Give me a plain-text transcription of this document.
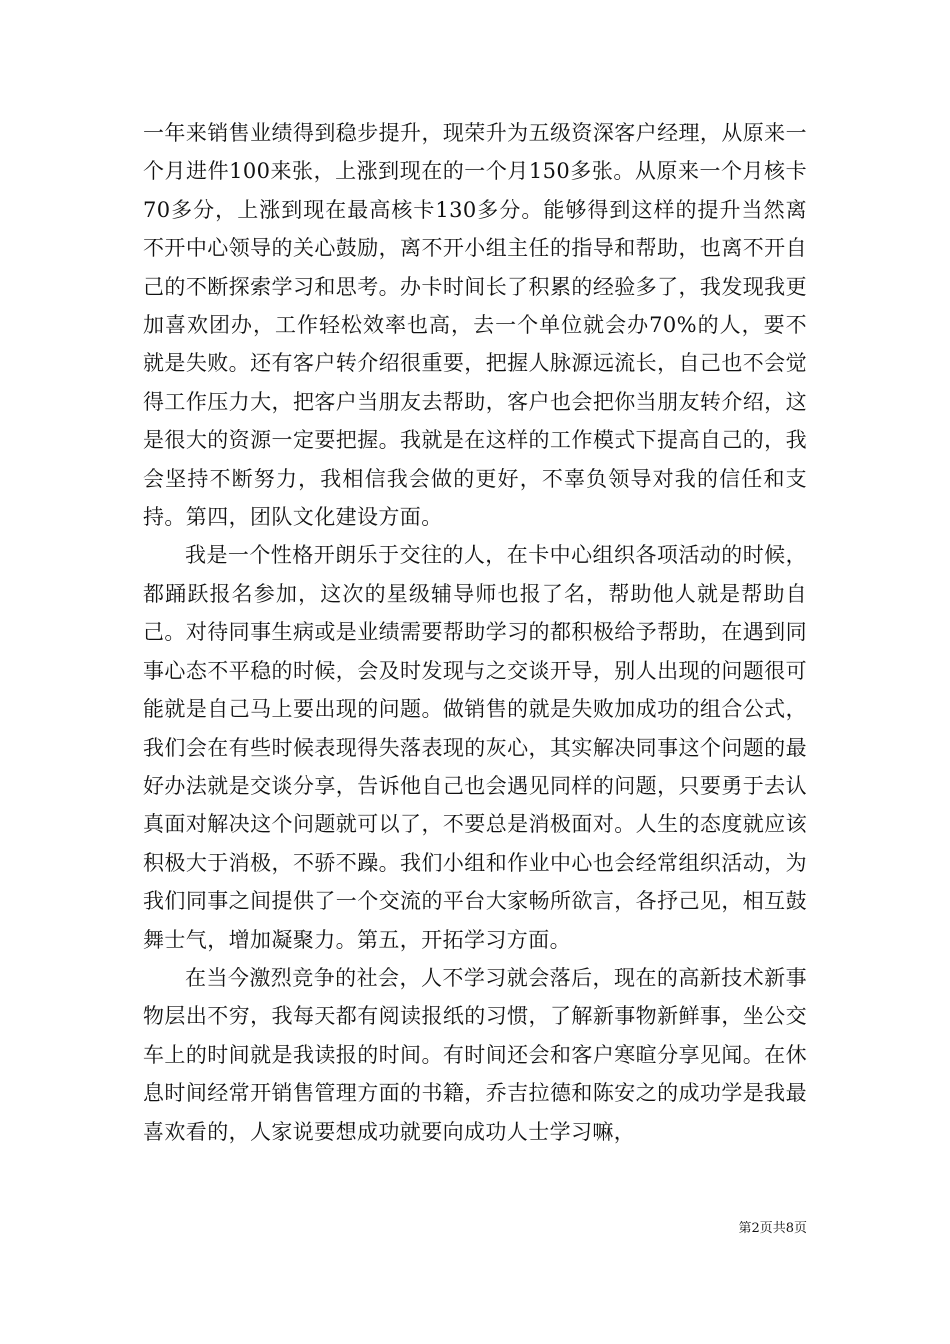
一年来销售业绩得到稳步提升，现荣升为五级资深客户经理，从原来一个月进件100来张，上涨到现在的一个月150多张。从原来一个月核卡70多分，上涨到现在最高核卡130多分。能够得到这样的提升当然离不开中心领导的关心鼓励，离不开小组主任的指导和帮助，也离不开自己的不断探索学习和思考。办卡时间长了积累的经验多了，我发现我更加喜欢团办，工作轻松效率也高，去一个单位就会办70%的人，要不就是失败。还有客户转介绍很重要，把握人脉源远流长，自己也不会觉得工作压力大，把客户当朋友去帮助，客户也会把你当朋友转介绍，这是很大的资源一定要把握。我就是在这样的工作模式下提高自己的，我会坚持不断努力，我相信我会做的更好，不辜负领导对我的信任和支持。第四，团队文化建设方面。

我是一个性格开朗乐于交往的人，在卡中心组织各项活动的时候，都踊跃报名参加，这次的星级辅导师也报了名，帮助他人就是帮助自己。对待同事生病或是业绩需要帮助学习的都积极给予帮助，在遇到同事心态不平稳的时候，会及时发现与之交谈开导，别人出现的问题很可能就是自己马上要出现的问题。做销售的就是失败加成功的组合公式，我们会在有些时候表现得失落表现的灰心，其实解决同事这个问题的最好办法就是交谈分享，告诉他自己也会遇见同样的问题，只要勇于去认真面对解决这个问题就可以了，不要总是消极面对。人生的态度就应该积极大于消极，不骄不躁。我们小组和作业中心也会经常组织活动，为我们同事之间提供了一个交流的平台大家畅所欲言，各抒己见，相互鼓舞士气，增加凝聚力。第五，开拓学习方面。

在当今激烈竞争的社会，人不学习就会落后，现在的高新技术新事物层出不穷，我每天都有阅读报纸的习惯，了解新事物新鲜事，坐公交车上的时间就是我读报的时间。有时间还会和客户寒暄分享见闻。在休息时间经常开销售管理方面的书籍，乔吉拉德和陈安之的成功学是我最喜欢看的，人家说要想成功就要向成功人士学习嘛，

第2页共8页
